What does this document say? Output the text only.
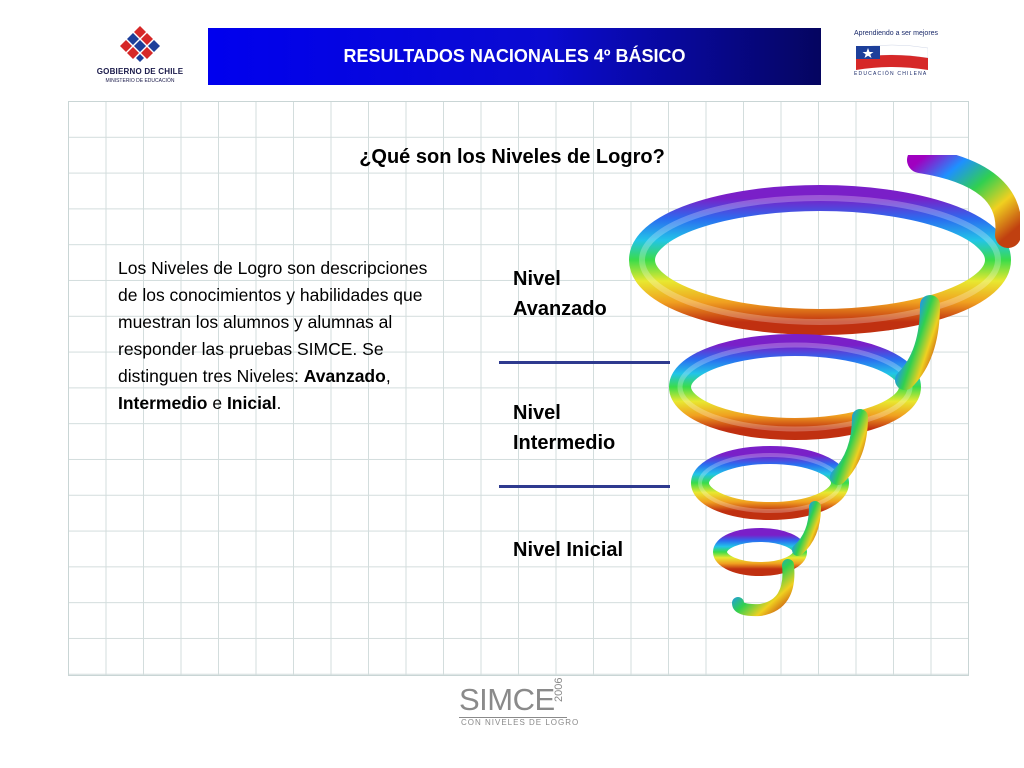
GOBIERNO DE CHILE
MINISTERIO DE EDUCACIÓN
RESULTADOS NACIONALES 4º BÁSICO
Aprendiendo a ser mejores
EDUCACIÓN CHILENA
¿Qué son los Niveles de Logro?
Los Niveles de Logro son descripciones de los conocimientos y habilidades que muestran los alumnos y alumnas al responder las pruebas SIMCE. Se distinguen tres Niveles: Avanzado, Intermedio e Inicial.
Nivel
Avanzado
Nivel
Intermedio
Nivel Inicial
SIMCE
2006
CON NIVELES DE LOGRO
